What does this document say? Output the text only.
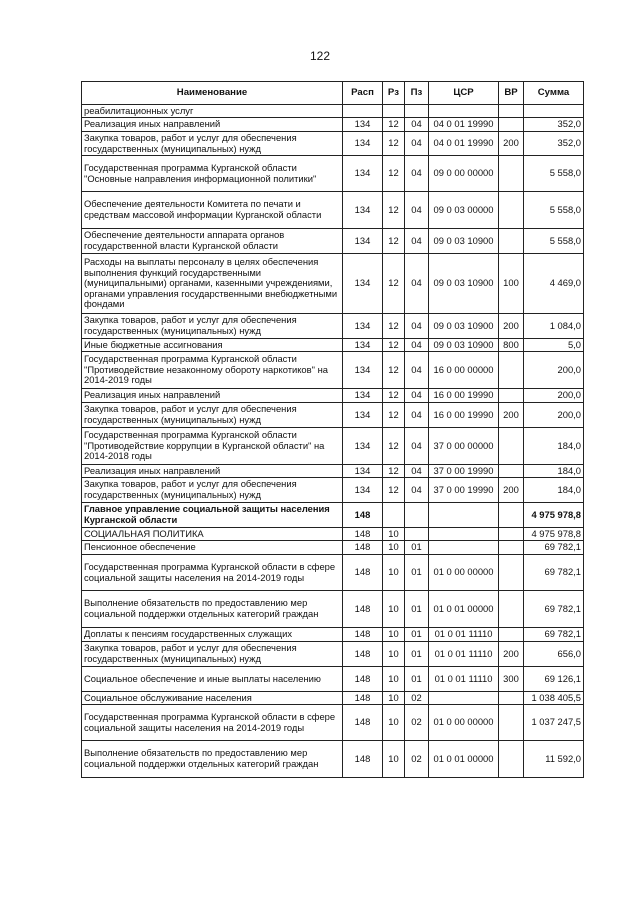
122
Наименование	Расп	Рз	Пз	ЦСР	ВР	Сумма
реабилитационных услуг						
Реализация иных направлений	134	12	04	04 0 01 19990		352,0
Закупка товаров, работ и услуг для обеспечения государственных (муниципальных) нужд	134	12	04	04 0 01 19990	200	352,0
Государственная программа Курганской области "Основные направления информационной политики"	134	12	04	09 0 00 00000		5 558,0
Обеспечение деятельности Комитета по печати и средствам массовой информации Курганской области	134	12	04	09 0 03 00000		5 558,0
Обеспечение деятельности аппарата органов государственной власти Курганской области	134	12	04	09 0 03 10900		5 558,0
Расходы на выплаты персоналу в целях обеспечения выполнения функций государственными (муниципальными) органами, казенными учреждениями, органами управления государственными внебюджетными фондами	134	12	04	09 0 03 10900	100	4 469,0
Закупка товаров, работ и услуг для обеспечения государственных (муниципальных) нужд	134	12	04	09 0 03 10900	200	1 084,0
Иные бюджетные ассигнования	134	12	04	09 0 03 10900	800	5,0
Государственная программа Курганской области "Противодействие незаконному обороту наркотиков" на 2014-2019 годы	134	12	04	16 0 00 00000		200,0
Реализация иных направлений	134	12	04	16 0 00 19990		200,0
Закупка товаров, работ и услуг для обеспечения государственных (муниципальных) нужд	134	12	04	16 0 00 19990	200	200,0
Государственная программа Курганской области "Противодействие коррупции в Курганской области" на 2014-2018 годы	134	12	04	37 0 00 00000		184,0
Реализация иных направлений	134	12	04	37 0 00 19990		184,0
Закупка товаров, работ и услуг для обеспечения государственных (муниципальных) нужд	134	12	04	37 0 00 19990	200	184,0
Главное управление социальной защиты населения Курганской области	148					4 975 978,8
СОЦИАЛЬНАЯ ПОЛИТИКА	148	10				4 975 978,8
Пенсионное обеспечение	148	10	01			69 782,1
Государственная программа Курганской области в сфере социальной защиты населения на 2014-2019 годы	148	10	01	01 0 00 00000		69 782,1
Выполнение обязательств по предоставлению мер социальной поддержки отдельных категорий граждан	148	10	01	01 0 01 00000		69 782,1
Доплаты к пенсиям государственных служащих	148	10	01	01 0 01 11110		69 782,1
Закупка товаров, работ и услуг для обеспечения государственных (муниципальных) нужд	148	10	01	01 0 01 11110	200	656,0
Социальное обеспечение и иные выплаты населению	148	10	01	01 0 01 11110	300	69 126,1
Социальное обслуживание населения	148	10	02			1 038 405,5
Государственная программа Курганской области в сфере социальной защиты населения на 2014-2019 годы	148	10	02	01 0 00 00000		1 037 247,5
Выполнение обязательств по предоставлению мер социальной поддержки отдельных категорий граждан	148	10	02	01 0 01 00000		11 592,0
